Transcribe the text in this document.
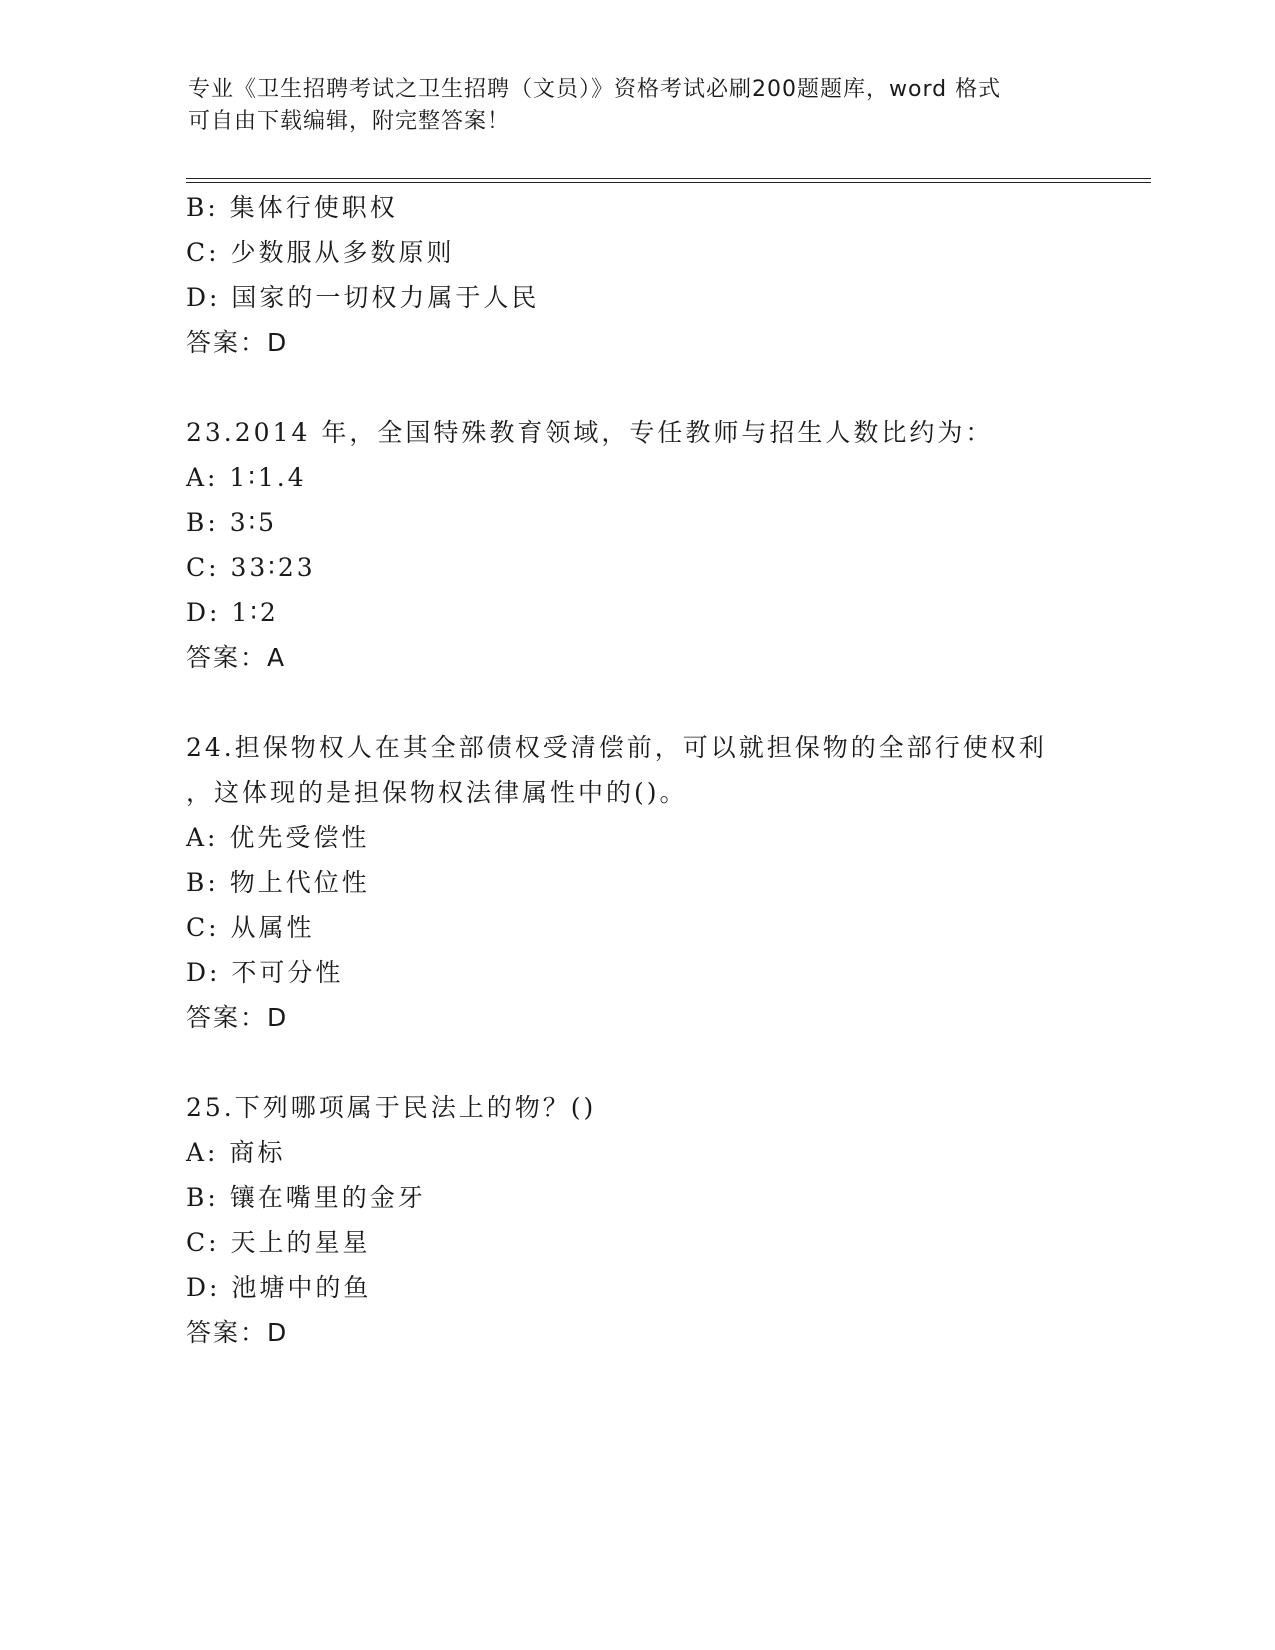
专业《卫生招聘考试之卫生招聘（文员）》资格考试必刷200题题库，word 格式
可自由下载编辑，附完整答案！
B: 集体行使职权
C: 少数服从多数原则
D: 国家的一切权力属于人民
答案：D
23.2014 年，全国特殊教育领域，专任教师与招生人数比约为：
A: 1∶1.4
B: 3∶5
C: 33∶23
D: 1∶2
答案：A
24.担保物权人在其全部债权受清偿前，可以就担保物的全部行使权利
，这体现的是担保物权法律属性中的()。
A: 优先受偿性
B: 物上代位性
C: 从属性
D: 不可分性
答案：D
25.下列哪项属于民法上的物？()
A: 商标
B: 镶在嘴里的金牙
C: 天上的星星
D: 池塘中的鱼
答案：D
